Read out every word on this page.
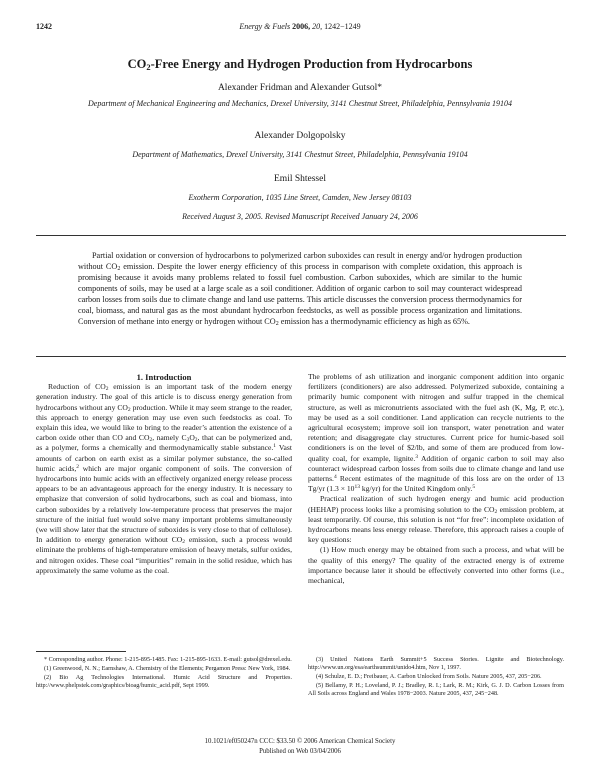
1242	Energy & Fuels 2006, 20, 1242−1249
$CO_2$-Free Energy and Hydrogen Production from Hydrocarbons
Alexander Fridman and Alexander Gutsol*
Department of Mechanical Engineering and Mechanics, Drexel University, 3141 Chestnut Street, Philadelphia, Pennsylvania 19104
Alexander Dolgopolsky
Department of Mathematics, Drexel University, 3141 Chestnut Street, Philadelphia, Pennsylvania 19104
Emil Shtessel
Exotherm Corporation, 1035 Line Street, Camden, New Jersey 08103
Received August 3, 2005. Revised Manuscript Received January 24, 2006
Partial oxidation or conversion of hydrocarbons to polymerized carbon suboxides can result in energy and/or hydrogen production without $CO_2$ emission. Despite the lower energy efficiency of this process in comparison with complete oxidation, this approach is promising because it avoids many problems related to fossil fuel combustion. Carbon suboxides, which are similar to the humic components of soils, may be used at a large scale as a soil conditioner. Addition of organic carbon to soil may counteract widespread carbon losses from soils due to climate change and land use patterns. This article discusses the conversion process thermodynamics for coal, biomass, and natural gas as the most abundant hydrocarbon feedstocks, as well as possible process organization and limitations. Conversion of methane into energy or hydrogen without $CO_2$ emission has a thermodynamic efficiency as high as 65%.

1. Introduction

Reduction of $CO_2$ emission is an important task of the modern energy generation industry. The goal of this article is to discuss energy generation from hydrocarbons without any $CO_2$ production. While it may seem strange to the reader, this approach to energy generation may use even such feedstocks as coal. To explain this idea, we would like to bring to the reader’s attention the existence of a carbon oxide other than CO and $CO_2$, namely $C_3O_2$, that can be polymerized and, as a polymer, forms a chemically and thermodynamically stable substance.$^1$ Vast amounts of carbon on earth exist as a similar polymer substance, the so-called humic acids,$^2$ which are major organic component of soils. The conversion of hydrocarbons into humic acids with an effectively organized energy release process appears to be an advantageous approach for the energy industry. It is necessary to emphasize that conversion of solid hydrocarbons, such as coal and biomass, into carbon suboxides by a relatively low-temperature process that preserves the major structure of the initial fuel would solve many important problems simultaneously (we will show later that the structure of suboxides is very close to that of cellulose). In addition to energy generation without $CO_2$ emission, such a process would eliminate the problems of high-temperature emission of heavy metals, sulfur oxides, and nitrogen oxides. These coal “impurities” remain in the solid residue, which has approximately the same volume as the coal.

The problems of ash utilization and inorganic component addition into organic fertilizers (conditioners) are also addressed. Polymerized suboxide, containing a primarily humic component with nitrogen and sulfur trapped in the chemical structure, as well as micronutrients associated with the fuel ash (K, Mg, P, etc.), may be used as a soil conditioner. Land application can recycle nutrients to the agricultural ecosystem; improve soil ion transport, water penetration and water retention; and disaggregate clay structures. Current price for humic-based soil conditioners is on the level of $2/lb, and some of them are produced from low-quality coal, for example, lignite.$^3$ Addition of organic carbon to soil may also counteract widespread carbon losses from soils due to climate change and land use patterns.$^4$ Recent estimates of the magnitude of this loss are on the order of 13 Tg/yr ($1.3 \times 10^{13}$ kg/yr) for the United Kingdom only.$^5$

Practical realization of such hydrogen energy and humic acid production (HEHAP) process looks like a promising solution to the $CO_2$ emission problem, at least temporarily. Of course, this solution is not “for free”: incomplete oxidation of hydrocarbons means less energy release. Therefore, this approach raises a couple of key questions:

(1) How much energy may be obtained from such a process, and what will be the quality of this energy? The quality of the extracted energy is of extreme importance because later it should be effectively converted into other forms (i.e., mechanical,

* Corresponding author. Phone: 1-215-895-1485. Fax: 1-215-895-1633. E-mail: gutsol@drexel.edu.

(1) Greenwood, N. N.; Earnshaw, A. Chemistry of the Elements; Pergamon Press: New York, 1984.

(2) Bio Ag Technologies International. Humic Acid Structure and Properties. http://www.phelpstek.com/graphics/bioag/humic_acid.pdf, Sept 1999.

(3) United Nations Earth Summit+5 Success Stories. Lignite and Biotechnology. http://www.un.org/esa/earthsummit/unido4.htm, Nov 1, 1997.

(4) Schulze, E. D.; Freibauer, A. Carbon Unlocked from Soils. Nature 2005, 437, 205−206.

(5) Bellamy, P. H.; Loveland, P. J.; Bradley, R. I.; Lark, R. M.; Kirk, G. J. D. Carbon Losses from All Soils across England and Wales 1978−2003. Nature 2005, 437, 245−248.

10.1021/ef050247n CCC: $33.50 © 2006 American Chemical Society
Published on Web 03/04/2006
